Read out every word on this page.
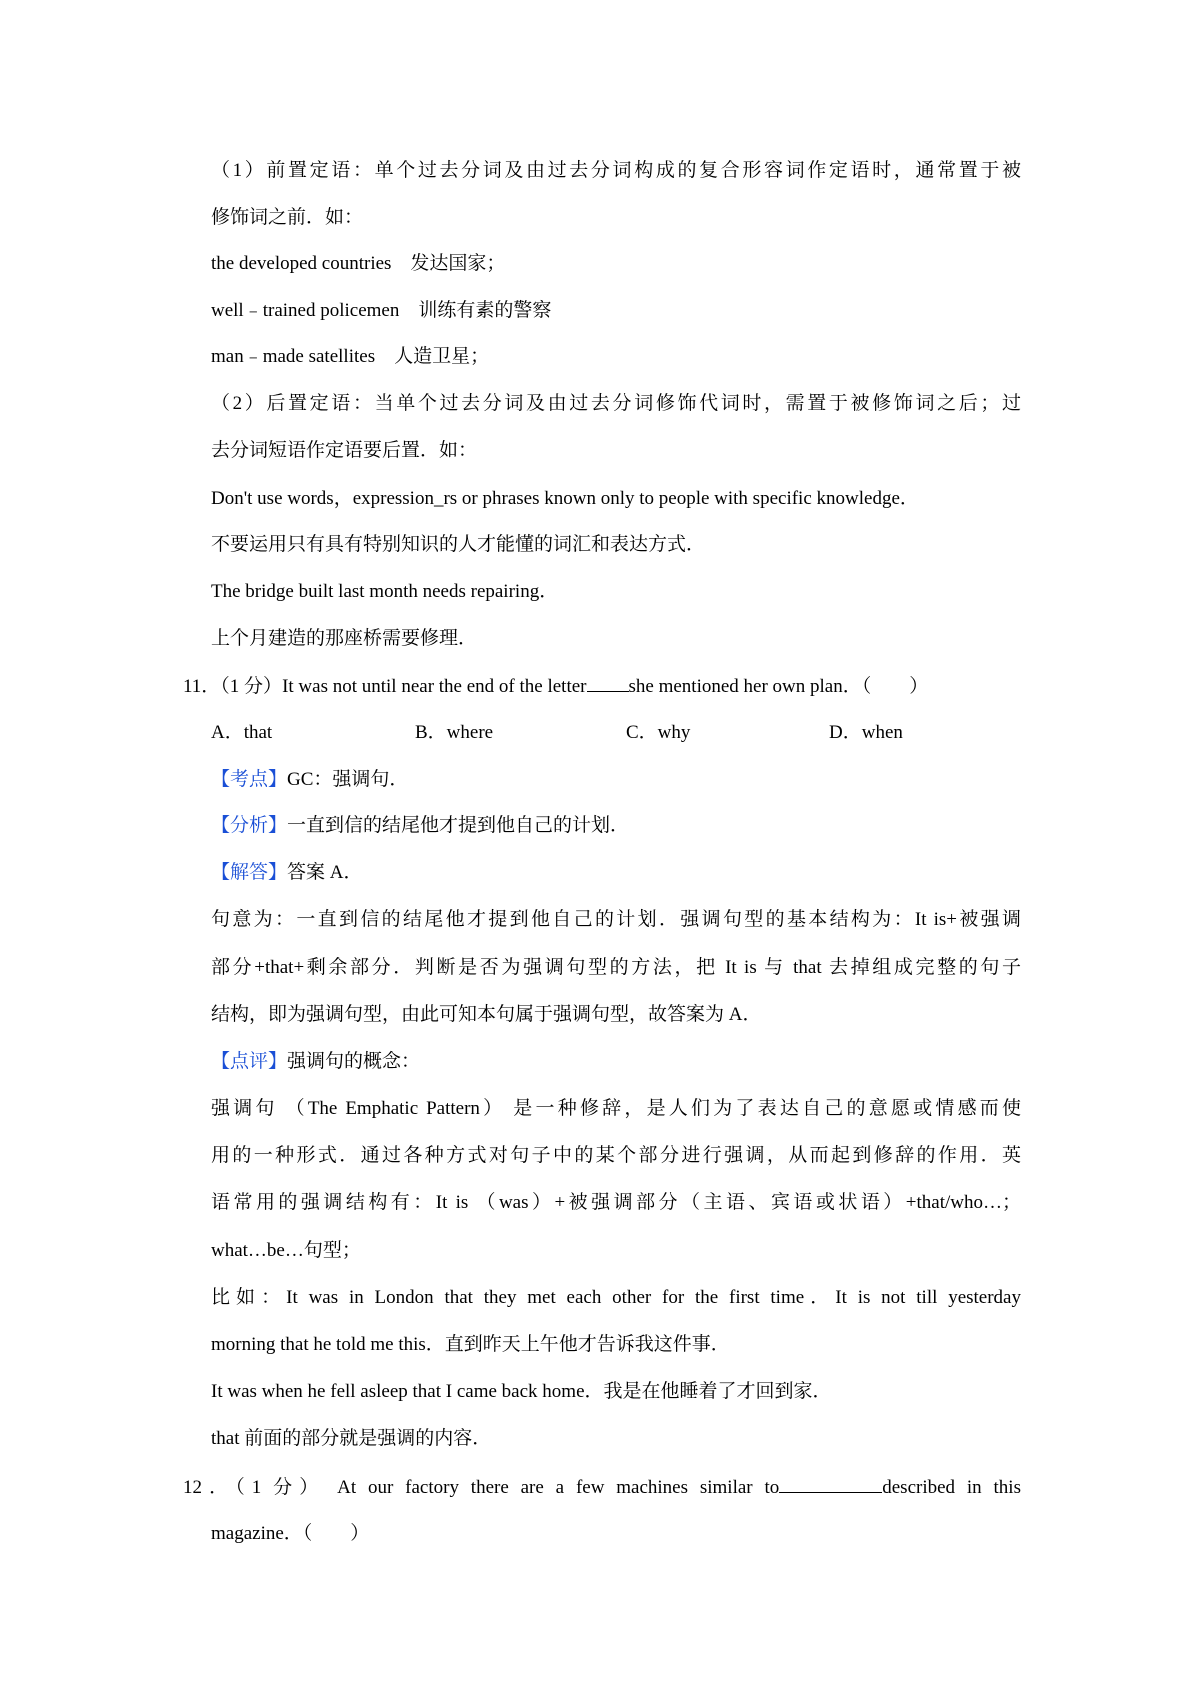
（1）前置定语：单个过去分词及由过去分词构成的复合形容词作定语时，通常置于被
修饰词之前．如：
the developed countries　发达国家；
well﹣trained policemen　训练有素的警察
man﹣made satellites　人造卫星；
（2）后置定语：当单个过去分词及由过去分词修饰代词时，需置于被修饰词之后；过
去分词短语作定语要后置．如：
Don't use words，expression_rs or phrases known only to people with specific knowledge．
不要运用只有具有特别知识的人才能懂的词汇和表达方式．
The bridge built last month needs repairing．
上个月建造的那座桥需要修理．
11．（1 分）It was not until near the end of the letter she mentioned her own plan．（　　）
A．that	B．where	C．why	D．when
【考点】GC：强调句．
【分析】一直到信的结尾他才提到他自己的计划．
【解答】答案 A．
句意为：一直到信的结尾他才提到他自己的计划．强调句型的基本结构为：It is+被强调
部分+that+剩余部分．判断是否为强调句型的方法，把 It is 与 that 去掉组成完整的句子
结构，即为强调句型，由此可知本句属于强调句型，故答案为 A．
【点评】强调句的概念：
强调句 （The Emphatic Pattern） 是一种修辞，是人们为了表达自己的意愿或情感而使
用的一种形式．通过各种方式对句子中的某个部分进行强调，从而起到修辞的作用．英
语常用的强调结构有：It is （was）+被强调部分（主语、宾语或状语）+that/who…；
what…be…句型；
比如：It was in London that they met each other for the first time．It is not till yesterday
morning that he told me this．直到昨天上午他才告诉我这件事．
It was when he fell asleep that I came back home．我是在他睡着了才回到家．
that 前面的部分就是强调的内容．
12．（1 分） At our factory there are a few machines similar to	described in this
magazine．（　　）
